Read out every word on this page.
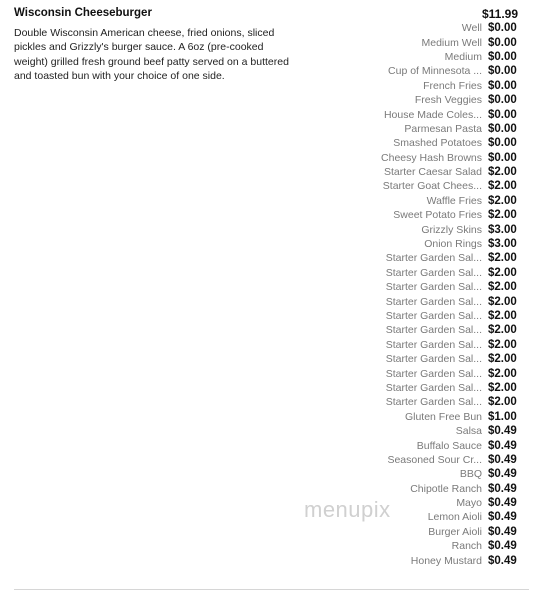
Wisconsin Cheeseburger	$11.99
Double Wisconsin American cheese, fried onions, sliced pickles and Grizzly's burger sauce. A 6oz (pre-cooked weight) grilled fresh ground beef patty served on a buttered and toasted bun with your choice of one side.
Well $0.00
Medium Well $0.00
Medium $0.00
Cup of Minnesota ... $0.00
French Fries $0.00
Fresh Veggies $0.00
House Made Coles... $0.00
Parmesan Pasta $0.00
Smashed Potatoes $0.00
Cheesy Hash Browns $0.00
Starter Caesar Salad $2.00
Starter Goat Chees... $2.00
Waffle Fries $2.00
Sweet Potato Fries $2.00
Grizzly Skins $3.00
Onion Rings $3.00
Starter Garden Sal... $2.00
Starter Garden Sal... $2.00
Starter Garden Sal... $2.00
Starter Garden Sal... $2.00
Starter Garden Sal... $2.00
Starter Garden Sal... $2.00
Starter Garden Sal... $2.00
Starter Garden Sal... $2.00
Starter Garden Sal... $2.00
Starter Garden Sal... $2.00
Starter Garden Sal... $2.00
Gluten Free Bun $1.00
Salsa $0.49
Buffalo Sauce $0.49
Seasoned Sour Cr... $0.49
BBQ $0.49
Chipotle Ranch $0.49
Mayo $0.49
Lemon Aioli $0.49
Burger Aioli $0.49
Ranch $0.49
Honey Mustard $0.49
menupix
